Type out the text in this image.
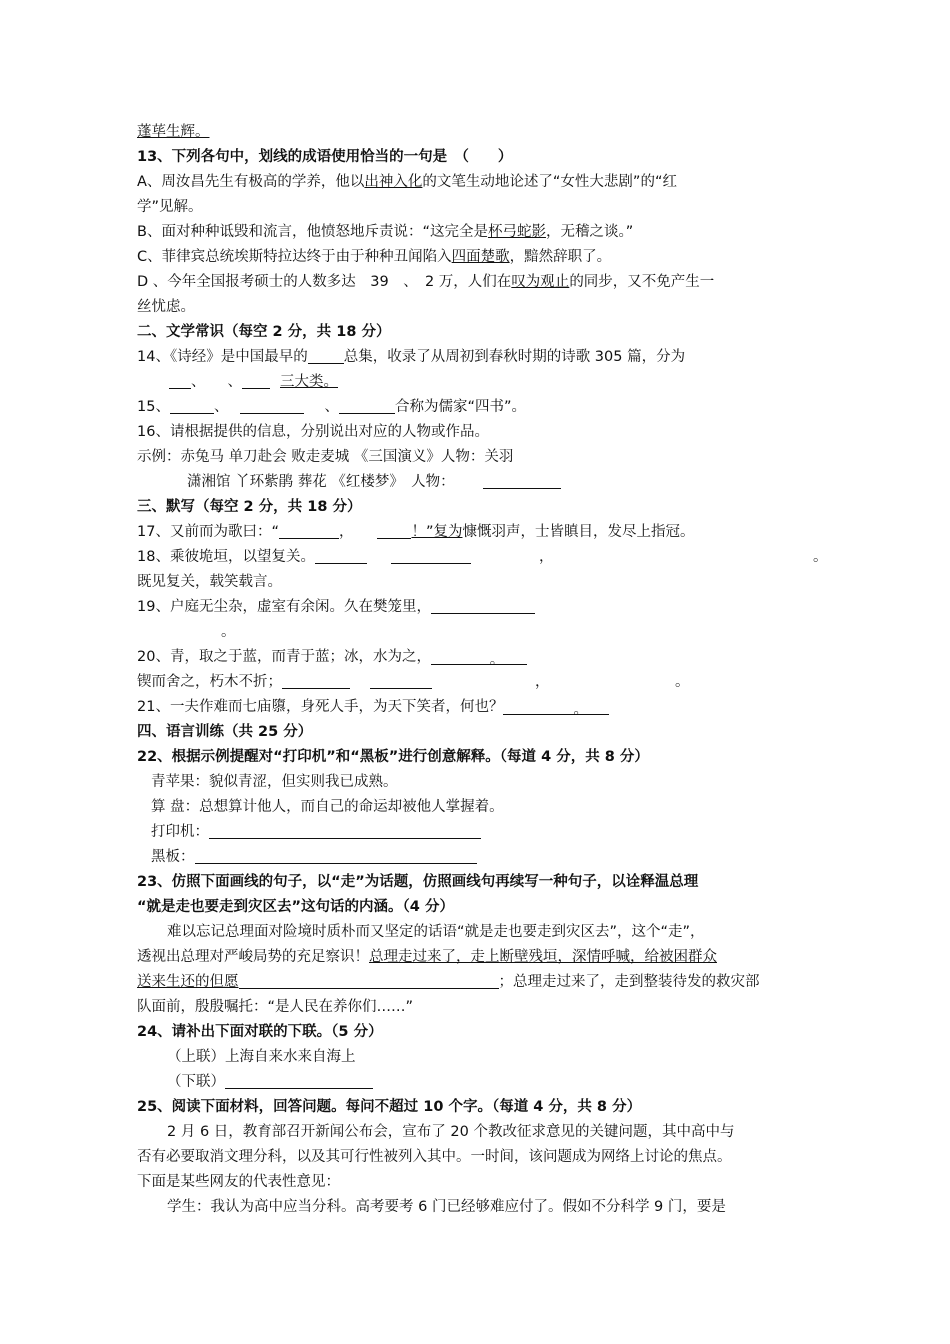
蓬荜生辉。
13、下列各句中，划线的成语使用恰当的一句是　（　　）
A、周汝昌先生有极高的学养，他以出神入化的文笔生动地论述了“女性大悲剧”的“红
学”见解。
B、面对种种诋毁和流言，他愤怒地斥责说：“这完全是杯弓蛇影，无稽之谈。”
C、菲律宾总统埃斯特拉达终于由于种种丑闻陷入四面楚歌，黯然辞职了。
D 、今年全国报考硕士的人数多达　39　、　2 万，人们在叹为观止的同步，又不免产生一
丝忧虑。
二、文学常识（每空 2 分，共 18 分）
14、《诗经》是中国最早的 总集，收录了从周初到春秋时期的诗歌 305 篇，分为
、 、	三大类。
15、	、	、	合称为儒家“四书”。
16、请根据提供的信息，分别说出对应的人物或作品。
示例：赤兔马 单刀赴会 败走麦城 《三国演义》人物：关羽
潇湘馆 丫环紫鹃 葬花 《红楼梦》　人物：
三、默写（每空 2 分，共 18 分）
17、又前而为歌曰：“	，	！”复为慷慨羽声，士皆瞋目，发尽上指冠。
18、乘彼垝垣，以望复关。	，	。
既见复关，载笑载言。
19、户庭无尘杂，虚室有余闲。久在樊笼里，
。
20、青，取之于蓝，而青于蓝；冰，水为之，	。
锲而舍之，朽木不折；	，	。
21、一夫作难而七庙隳，身死人手，为天下笑者，何也？	。
四、语言训练（共 25 分）
22、根据示例提醒对“打印机”和“黑板”进行创意解释。（每道 4 分，共 8 分）
青苹果：貌似青涩，但实则我已成熟。
算 盘：总想算计他人，而自己的命运却被他人掌握着。
打印机：
黑板：
23、仿照下面画线的句子，以“走”为话题，仿照画线句再续写一种句子，以诠释温总理
“就是走也要走到灾区去”这句话的内涵。（4 分）
难以忘记总理面对险境时质朴而又坚定的话语“就是走也要走到灾区去”，这个“走”，
透视出总理对严峻局势的充足察识！总理走过来了，走上断壁残垣，深情呼喊，给被困群众
送来生还的但愿	；总理走过来了，走到整装待发的救灾部
队面前，殷殷嘱托：“是人民在养你们……”
24、请补出下面对联的下联。（5 分）
（上联）上海自来水来自海上
（下联）
25、阅读下面材料，回答问题。每问不超过 10 个字。（每道 4 分，共 8 分）
2 月 6 日，教育部召开新闻公布会，宣布了 20 个教改征求意见的关键问题，其中高中与
否有必要取消文理分科，以及其可行性被列入其中。一时间，该问题成为网络上讨论的焦点。
下面是某些网友的代表性意见：
学生：我认为高中应当分科。高考要考 6 门已经够难应付了。假如不分科学 9 门，要是
